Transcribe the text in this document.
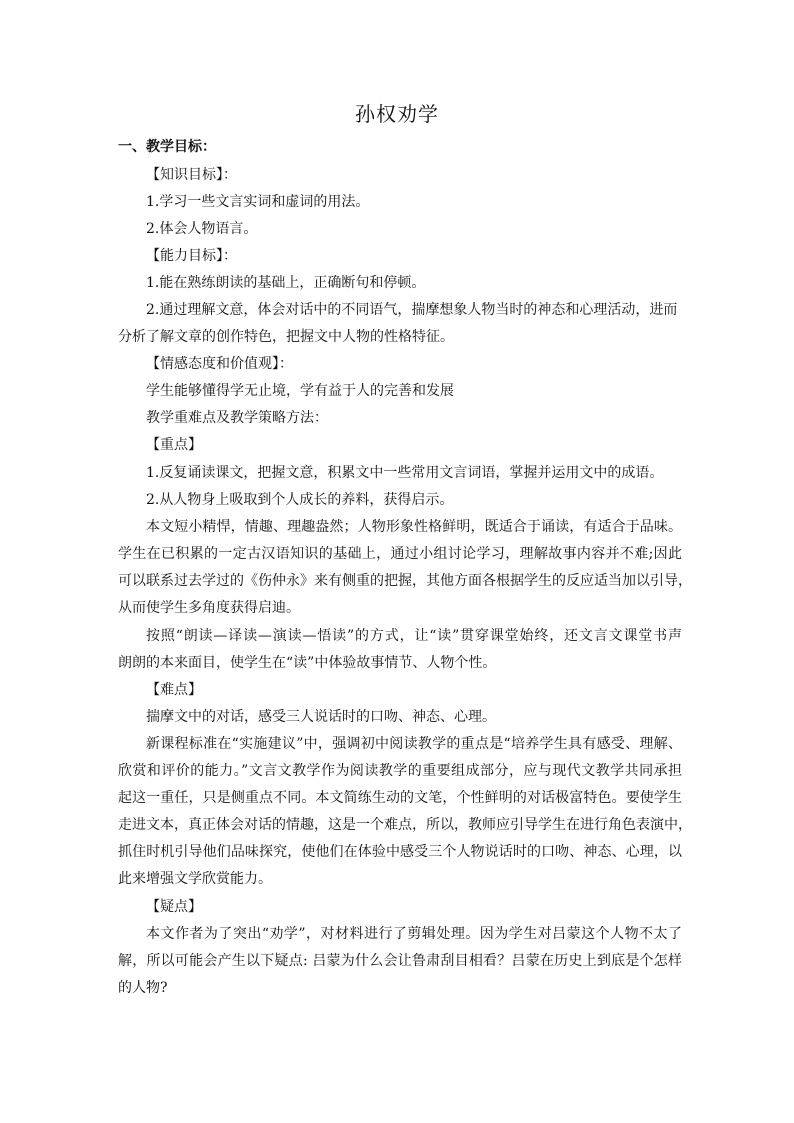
孙权劝学
一、教学目标：
【知识目标】：
1.学习一些文言实词和虚词的用法。
2.体会人物语言。
【能力目标】：
1.能在熟练朗读的基础上，正确断句和停顿。
2.通过理解文意，体会对话中的不同语气，揣摩想象人物当时的神态和心理活动，进而
分析了解文章的创作特色，把握文中人物的性格特征。
【情感态度和价值观】：
学生能够懂得学无止境，学有益于人的完善和发展
教学重难点及教学策略方法：
【重点】
1.反复诵读课文，把握文意，积累文中一些常用文言词语，掌握并运用文中的成语。
2.从人物身上吸取到个人成长的养料，获得启示。
本文短小精悍，情趣、理趣盎然；人物形象性格鲜明，既适合于诵读，有适合于品味。
学生在已积累的一定古汉语知识的基础上，通过小组讨论学习，理解故事内容并不难;因此
可以联系过去学过的《伤仲永》来有侧重的把握，其他方面各根据学生的反应适当加以引导，
从而使学生多角度获得启迪。
按照“朗读—译读—演读—悟读”的方式，让“读”贯穿课堂始终，还文言文课堂书声
朗朗的本来面目，使学生在“读”中体验故事情节、人物个性。
【难点】
揣摩文中的对话，感受三人说话时的口吻、神态、心理。
新课程标准在“实施建议”中，强调初中阅读教学的重点是“培养学生具有感受、理解、
欣赏和评价的能力。”文言文教学作为阅读教学的重要组成部分，应与现代文教学共同承担
起这一重任，只是侧重点不同。本文简练生动的文笔，个性鲜明的对话极富特色。要使学生
走进文本，真正体会对话的情趣，这是一个难点，所以，教师应引导学生在进行角色表演中，
抓住时机引导他们品味探究，使他们在体验中感受三个人物说话时的口吻、神态、心理，以
此来增强文学欣赏能力。
【疑点】
本文作者为了突出“劝学”，对材料进行了剪辑处理。因为学生对吕蒙这个人物不太了
解，所以可能会产生以下疑点: 吕蒙为什么会让鲁肃刮目相看？吕蒙在历史上到底是个怎样
的人物?
